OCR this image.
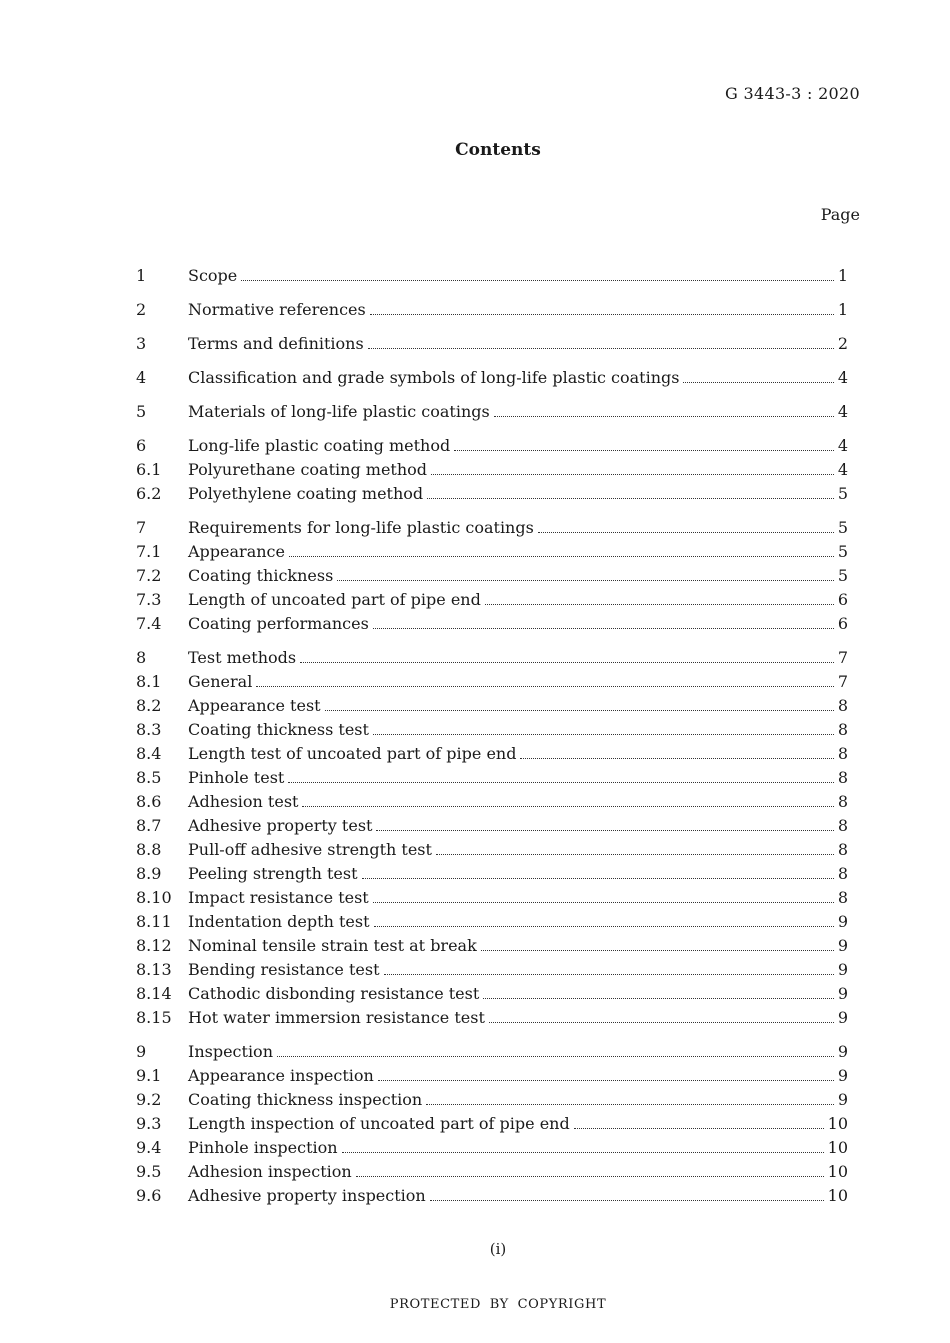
G 3443-3 : 2020
Contents
Page
1	Scope	1
2	Normative references	1
3	Terms and definitions	2
4	Classification and grade symbols of long-life plastic coatings	4
5	Materials of long-life plastic coatings	4
6	Long-life plastic coating method	4
6.1	Polyurethane coating method	4
6.2	Polyethylene coating method	5
7	Requirements for long-life plastic coatings	5
7.1	Appearance	5
7.2	Coating thickness	5
7.3	Length of uncoated part of pipe end	6
7.4	Coating performances	6
8	Test methods	7
8.1	General	7
8.2	Appearance test	8
8.3	Coating thickness test	8
8.4	Length test of uncoated part of pipe end	8
8.5	Pinhole test	8
8.6	Adhesion test	8
8.7	Adhesive property test	8
8.8	Pull-off adhesive strength test	8
8.9	Peeling strength test	8
8.10	Impact resistance test	8
8.11	Indentation depth test	9
8.12	Nominal tensile strain test at break	9
8.13	Bending resistance test	9
8.14	Cathodic disbonding resistance test	9
8.15	Hot water immersion resistance test	9
9	Inspection	9
9.1	Appearance inspection	9
9.2	Coating thickness inspection	9
9.3	Length inspection of uncoated part of pipe end	10
9.4	Pinhole inspection	10
9.5	Adhesion inspection	10
9.6	Adhesive property inspection	10
(i)
PROTECTED BY COPYRIGHT
